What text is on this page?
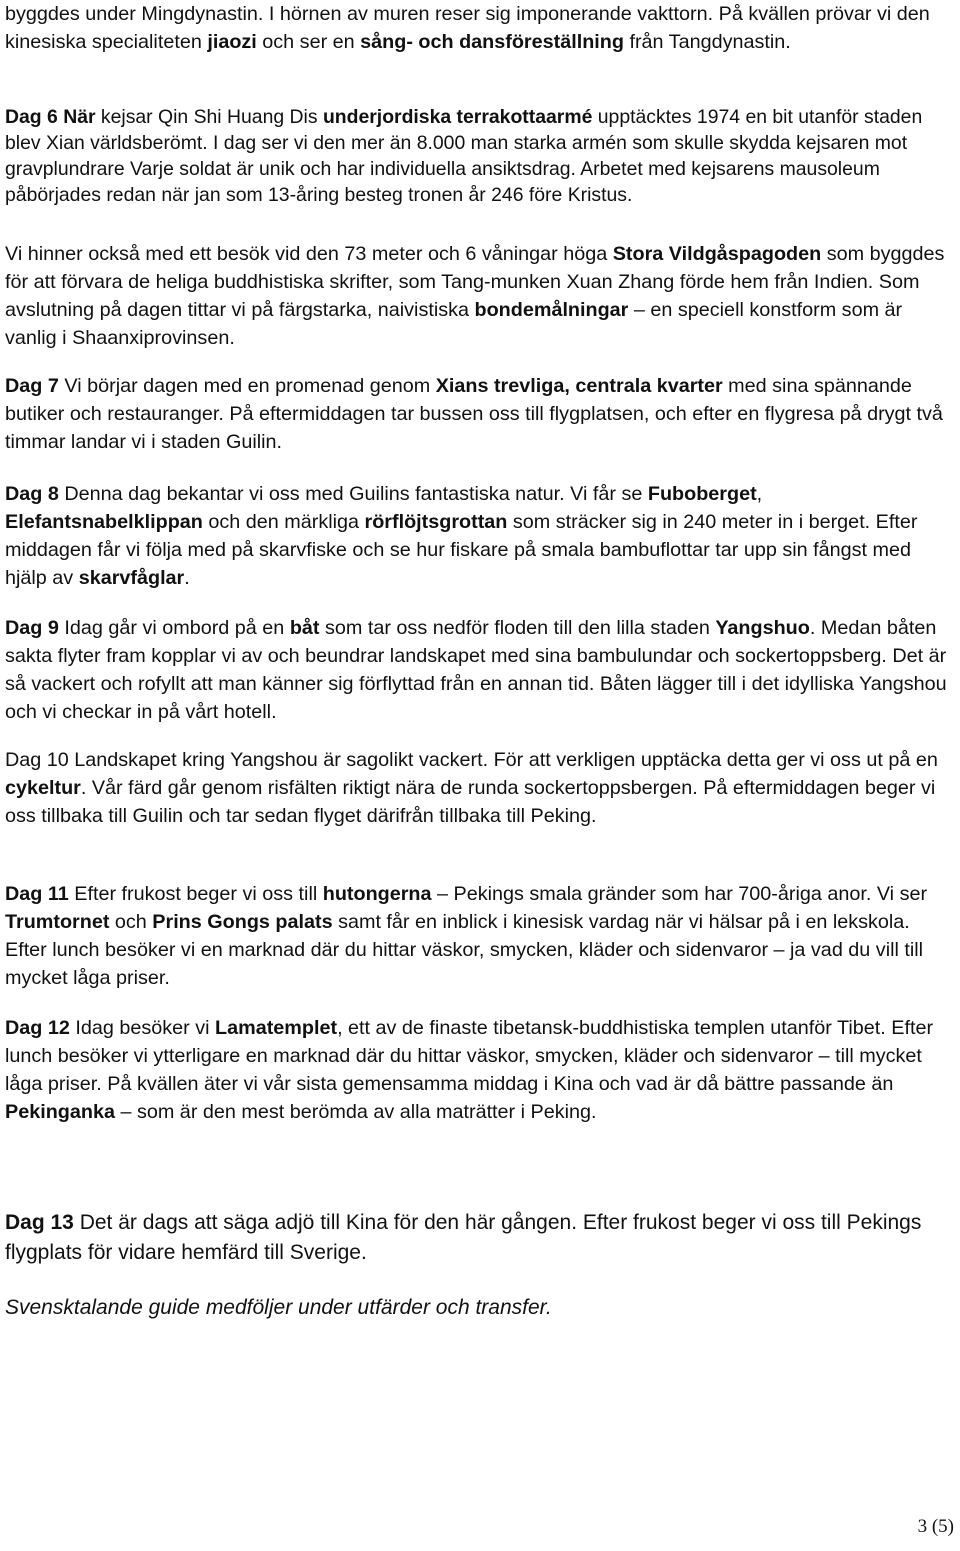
byggdes under Mingdynastin. I hörnen av muren reser sig imponerande vakttorn. På kvällen prövar vi den kinesiska specialiteten jiaozi och ser en sång- och dansföreställning från Tangdynastin.

Dag 6 När kejsar Qin Shi Huang Dis underjordiska terrakottaarmé upptäcktes 1974 en bit utanför staden blev Xian världsberömt. I dag ser vi den mer än 8.000 man starka armén som skulle skydda kejsaren mot gravplundrare Varje soldat är unik och har individuella ansiktsdrag. Arbetet med kejsarens mausoleum påbörjades redan när jan som 13-åring besteg tronen år 246 före Kristus.

Vi hinner också med ett besök vid den 73 meter och 6 våningar höga Stora Vildgåspagoden som byggdes för att förvara de heliga buddhistiska skrifter, som Tang-munken Xuan Zhang förde hem från Indien. Som avslutning på dagen tittar vi på färgstarka, naivistiska bondemålningar – en speciell konstform som är vanlig i Shaanxiprovinsen.

Dag 7 Vi börjar dagen med en promenad genom Xians trevliga, centrala kvarter med sina spännande butiker och restauranger. På eftermiddagen tar bussen oss till flygplatsen, och efter en flygresa på drygt två timmar landar vi i staden Guilin.

Dag 8 Denna dag bekantar vi oss med Guilins fantastiska natur. Vi får se Fuboberget, Elefantsnabelklippan och den märkliga rörflöjtsgrottan som sträcker sig in 240 meter in i berget. Efter middagen får vi följa med på skarvfiske och se hur fiskare på smala bambuflottar tar upp sin fångst med hjälp av skarvfåglar.

Dag 9 Idag går vi ombord på en båt som tar oss nedför floden till den lilla staden Yangshuo. Medan båten sakta flyter fram kopplar vi av och beundrar landskapet med sina bambulundar och sockertoppsberg. Det är så vackert och rofyllt att man känner sig förflyttad från en annan tid. Båten lägger till i det idylliska Yangshou och vi checkar in på vårt hotell.

Dag 10 Landskapet kring Yangshou är sagolikt vackert. För att verkligen upptäcka detta ger vi oss ut på en cykeltur. Vår färd går genom risfälten riktigt nära de runda sockertoppsbergen. På eftermiddagen beger vi oss tillbaka till Guilin och tar sedan flyget därifrån tillbaka till Peking.

Dag 11 Efter frukost beger vi oss till hutongerna – Pekings smala gränder som har 700-åriga anor. Vi ser Trumtornet och Prins Gongs palats samt får en inblick i kinesisk vardag när vi hälsar på i en lekskola. Efter lunch besöker vi en marknad där du hittar väskor, smycken, kläder och sidenvaror – ja vad du vill till mycket låga priser.

Dag 12 Idag besöker vi Lamatemplet, ett av de finaste tibetansk-buddhistiska templen utanför Tibet. Efter lunch besöker vi ytterligare en marknad där du hittar väskor, smycken, kläder och sidenvaror – till mycket låga priser. På kvällen äter vi vår sista gemensamma middag i Kina och vad är då bättre passande än Pekinganka – som är den mest berömda av alla maträtter i Peking.

Dag 13 Det är dags att säga adjö till Kina för den här gången. Efter frukost beger vi oss till Pekings flygplats för vidare hemfärd till Sverige.

Svensktalande guide medföljer under utfärder och transfer.

3 (5)
